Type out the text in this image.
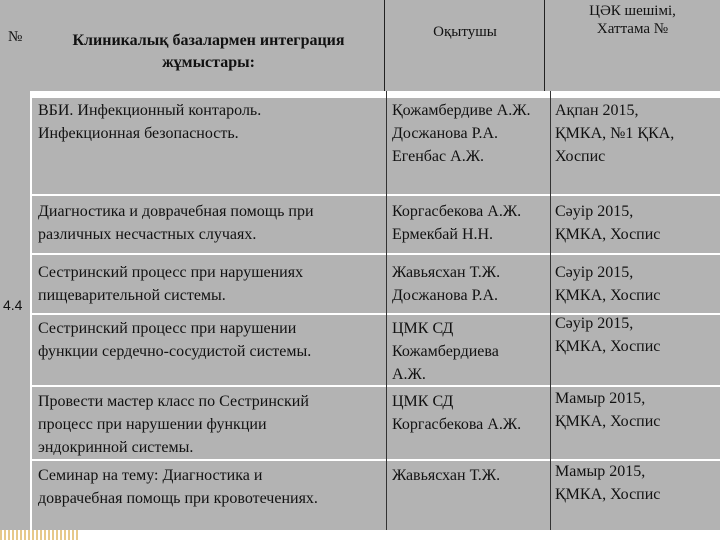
№	Клиникалық базалармен интеграция
жұмыстары:
Оқытушы
ЦӘК шешімі,
Хаттама №
4.4
ВБИ. Инфекционный контароль.
Инфекционная безопасность.
Қожамбердиве А.Ж.
Досжанова Р.А.
Егенбас А.Ж.
Ақпан 2015,
ҚМКА, №1 ҚКА,
Хоспис
Диагностика и доврачебная помощь при
различных несчастных случаях.
Коргасбекова А.Ж.
Ермекбай Н.Н.
Сәуір 2015,
ҚМКА, Хоспис
Сестринский процесс при нарушениях
пищеварительной системы.
Жавьясхан Т.Ж.
Досжанова Р.А.
Сәуір 2015,
ҚМКА, Хоспис
Сестринский процесс при нарушении
функции сердечно-сосудистой системы.
ЦМК СД
Кожамбердиева
А.Ж.
Сәуір 2015,
ҚМКА, Хоспис
Провести мастер класс по Сестринский
процесс при нарушении функции
эндокринной системы.
ЦМК СД
Коргасбекова А.Ж.
Мамыр 2015,
ҚМКА, Хоспис
Семинар на тему: Диагностика и
доврачебная помощь при кровотечениях.
Жавьясхан Т.Ж.	Мамыр 2015,
ҚМКА, Хоспис
